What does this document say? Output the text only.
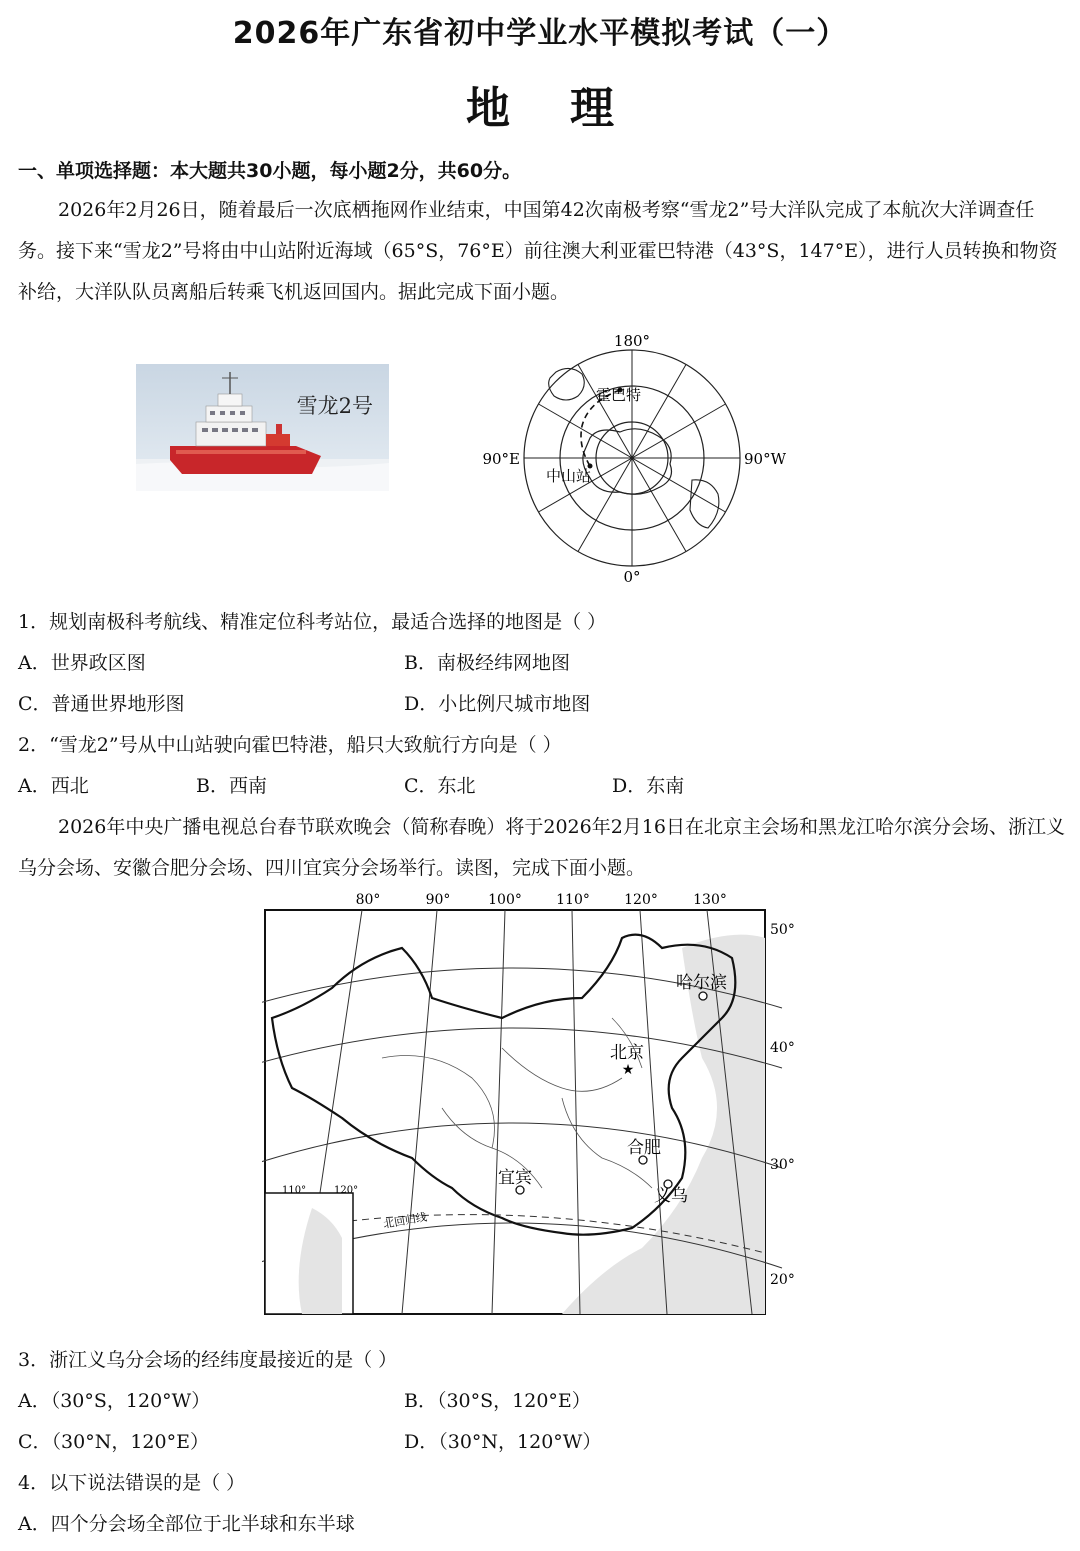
2026年广东省初中学业水平模拟考试（一）
地理
一、单项选择题：本大题共30小题，每小题2分，共60分。
2026年2月26日，随着最后一次底栖拖网作业结束，中国第42次南极考察“雪龙2”号大洋队完成了本航次大洋调查任务。接下来“雪龙2”号将由中山站附近海域（65°S，76°E）前往澳大利亚霍巴特港（43°S，147°E），进行人员转换和物资补给，大洋队队员离船后转乘飞机返回国内。据此完成下面小题。
雪龙2号
180°
0°
90°E	90°W
霍巴特
中山站
1．规划南极科考航线、精准定位科考站位，最适合选择的地图是（ ）
A．世界政区图	B．南极经纬网地图
C．普通世界地形图	D．小比例尺城市地图
2．“雪龙2”号从中山站驶向霍巴特港，船只大致航行方向是（ ）
A．西北	B．西南	C．东北	D．东南
2026年中央广播电视总台春节联欢晚会（简称春晚）将于2026年2月16日在北京主会场和黑龙江哈尔滨分会场、浙江义乌分会场、安徽合肥分会场、四川宜宾分会场举行。读图，完成下面小题。
110°	120°
80°	90°	100° 110° 120°	130°
50°
40°
30°
20°
哈尔滨
★
北京
合肥
宜宾
义乌
北回归线
3．浙江义乌分会场的经纬度最接近的是（ ）
A．（30°S，120°W）	B．（30°S，120°E）
C．（30°N，120°E）	D．（30°N，120°W）
4．以下说法错误的是（ ）
A．四个分会场全部位于北半球和东半球
